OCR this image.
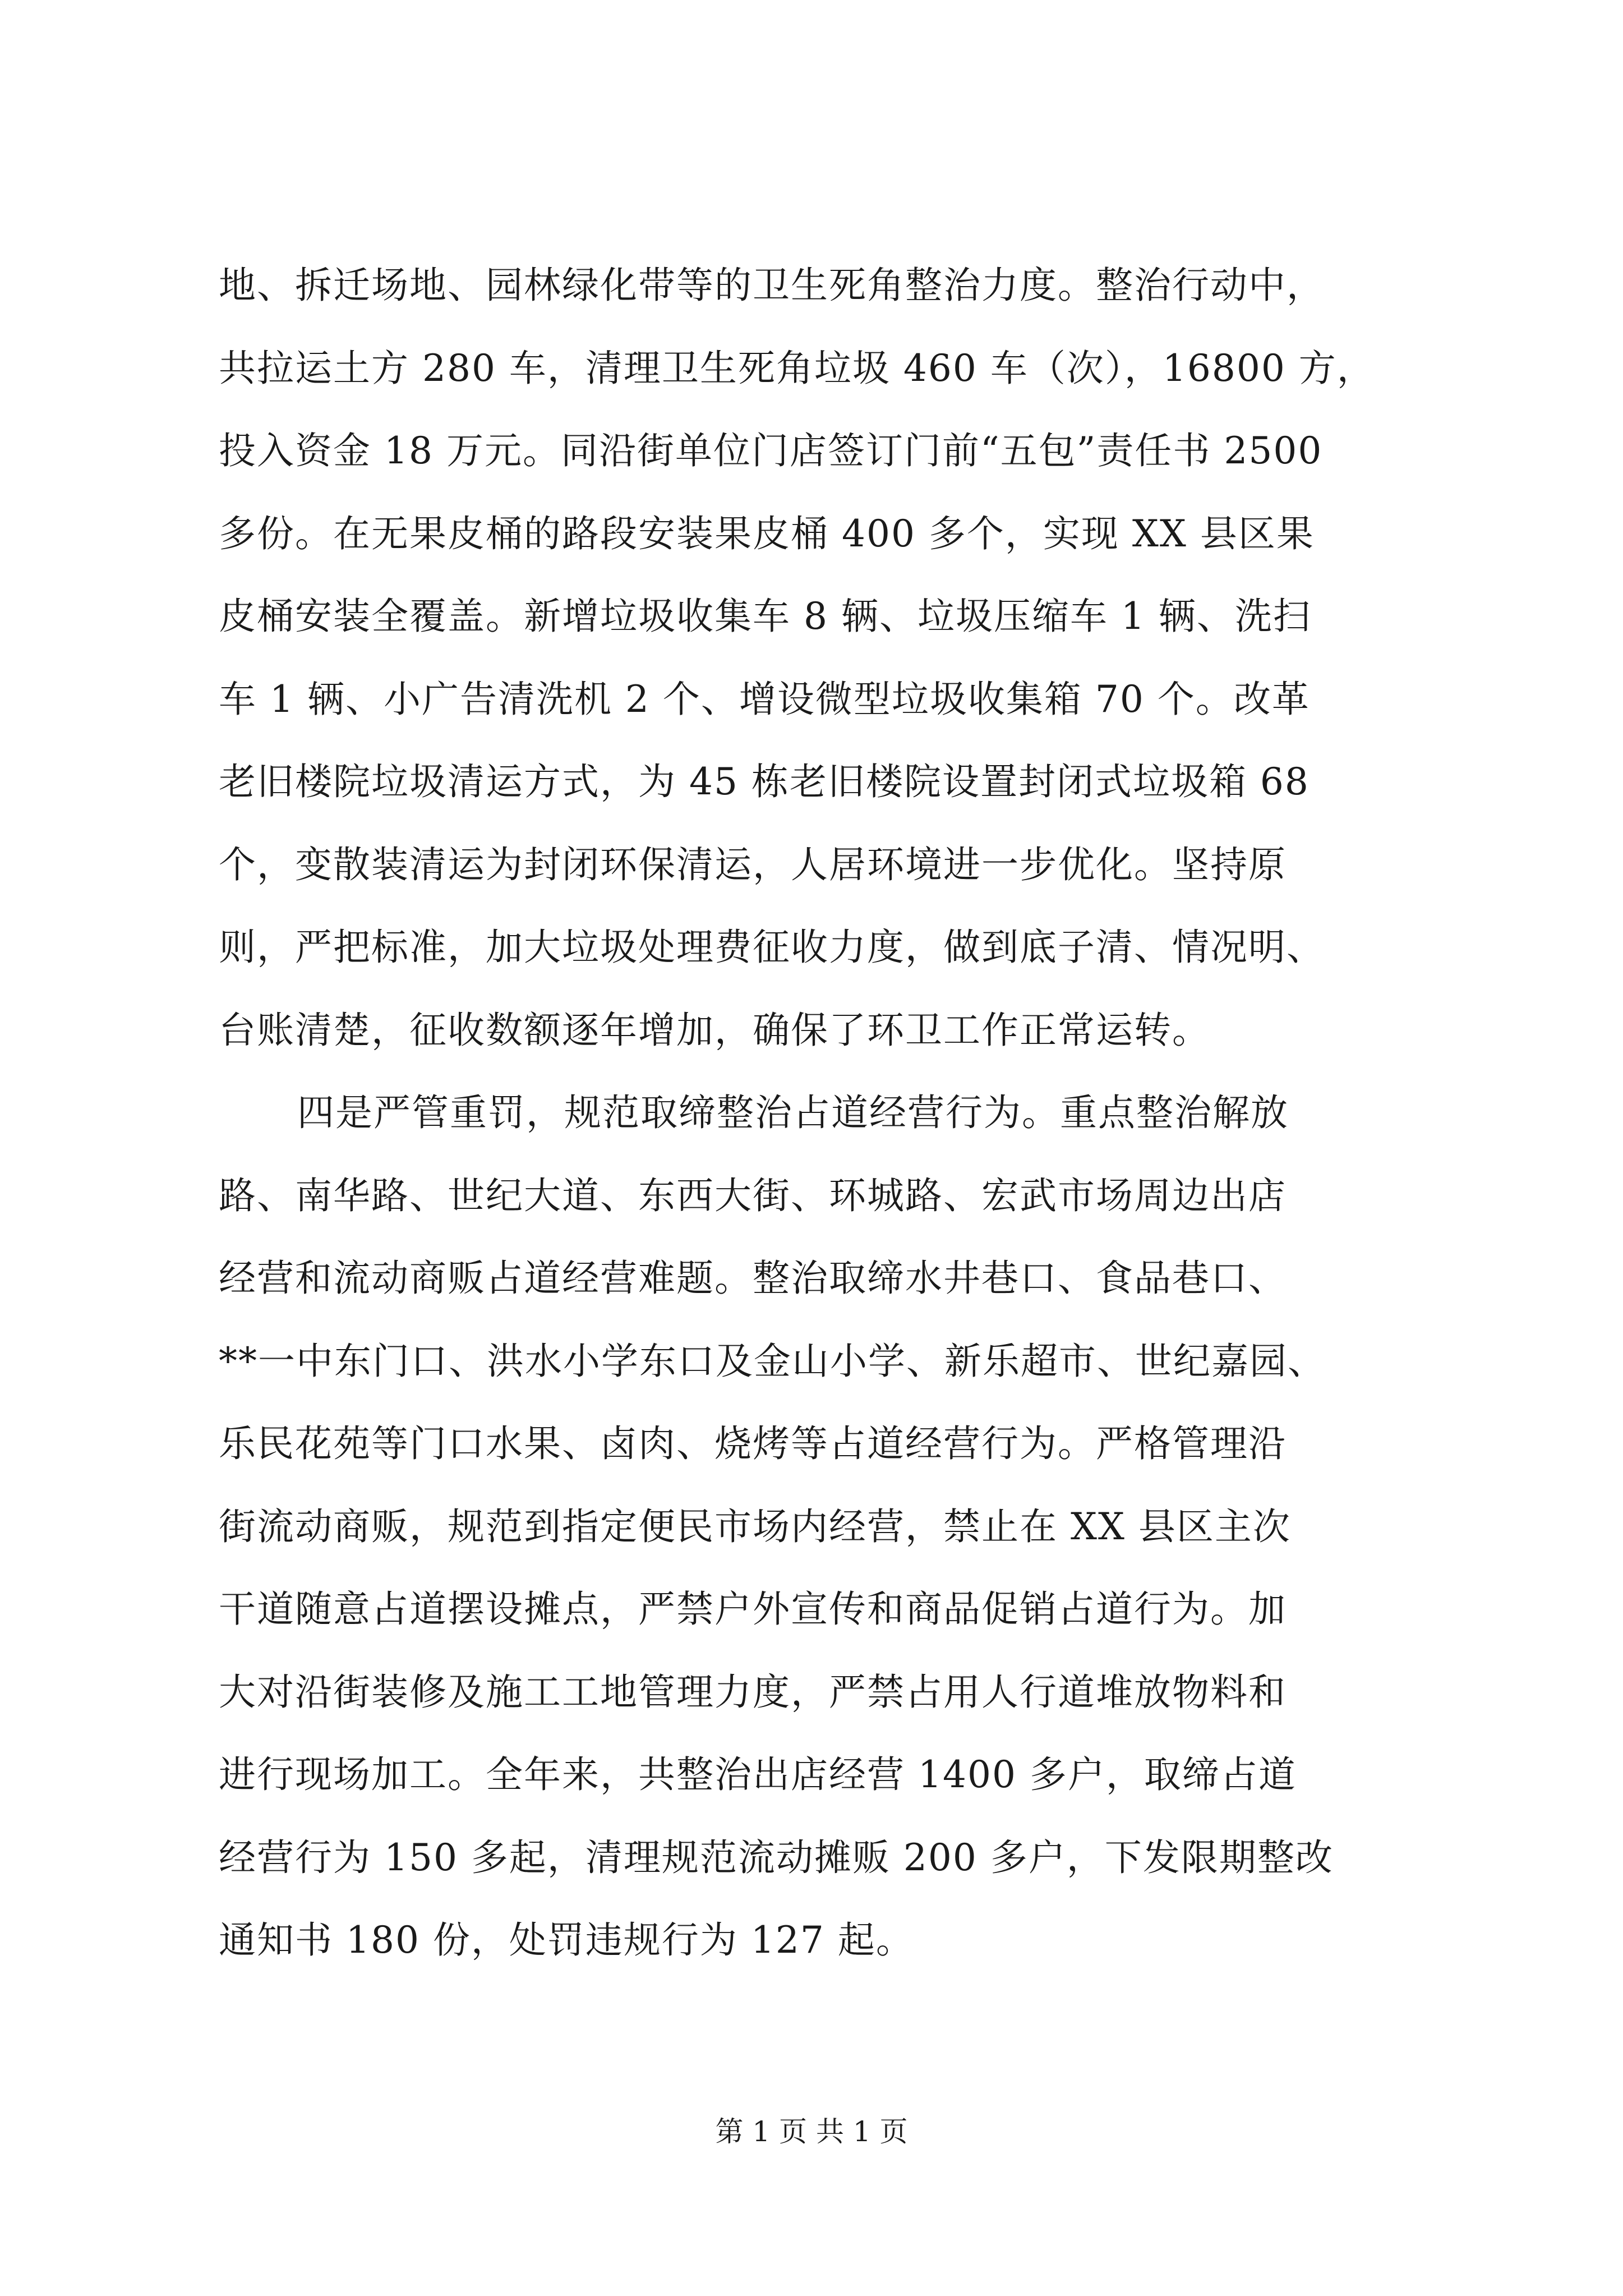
地、拆迁场地、园林绿化带等的卫生死角整治力度。整治行动中，
共拉运土方 280 车，清理卫生死角垃圾 460 车（次），16800 方，
投入资金 18 万元。同沿街单位门店签订门前“五包”责任书 2500
多份。在无果皮桶的路段安装果皮桶 400 多个，实现 XX 县区果
皮桶安装全覆盖。新增垃圾收集车 8 辆、垃圾压缩车 1 辆、洗扫
车 1 辆、小广告清洗机 2 个、增设微型垃圾收集箱 70 个。改革
老旧楼院垃圾清运方式，为 45 栋老旧楼院设置封闭式垃圾箱 68
个，变散装清运为封闭环保清运，人居环境进一步优化。坚持原
则，严把标准，加大垃圾处理费征收力度，做到底子清、情况明、
台账清楚，征收数额逐年增加，确保了环卫工作正常运转。
四是严管重罚，规范取缔整治占道经营行为。重点整治解放
路、南华路、世纪大道、东西大街、环城路、宏武市场周边出店
经营和流动商贩占道经营难题。整治取缔水井巷口、食品巷口、
**一中东门口、洪水小学东口及金山小学、新乐超市、世纪嘉园、
乐民花苑等门口水果、卤肉、烧烤等占道经营行为。严格管理沿
街流动商贩，规范到指定便民市场内经营，禁止在 XX 县区主次
干道随意占道摆设摊点，严禁户外宣传和商品促销占道行为。加
大对沿街装修及施工工地管理力度，严禁占用人行道堆放物料和
进行现场加工。全年来，共整治出店经营 1400 多户，取缔占道
经营行为 150 多起，清理规范流动摊贩 200 多户，下发限期整改
通知书 180 份，处罚违规行为 127 起。
第 1 页 共 1 页
